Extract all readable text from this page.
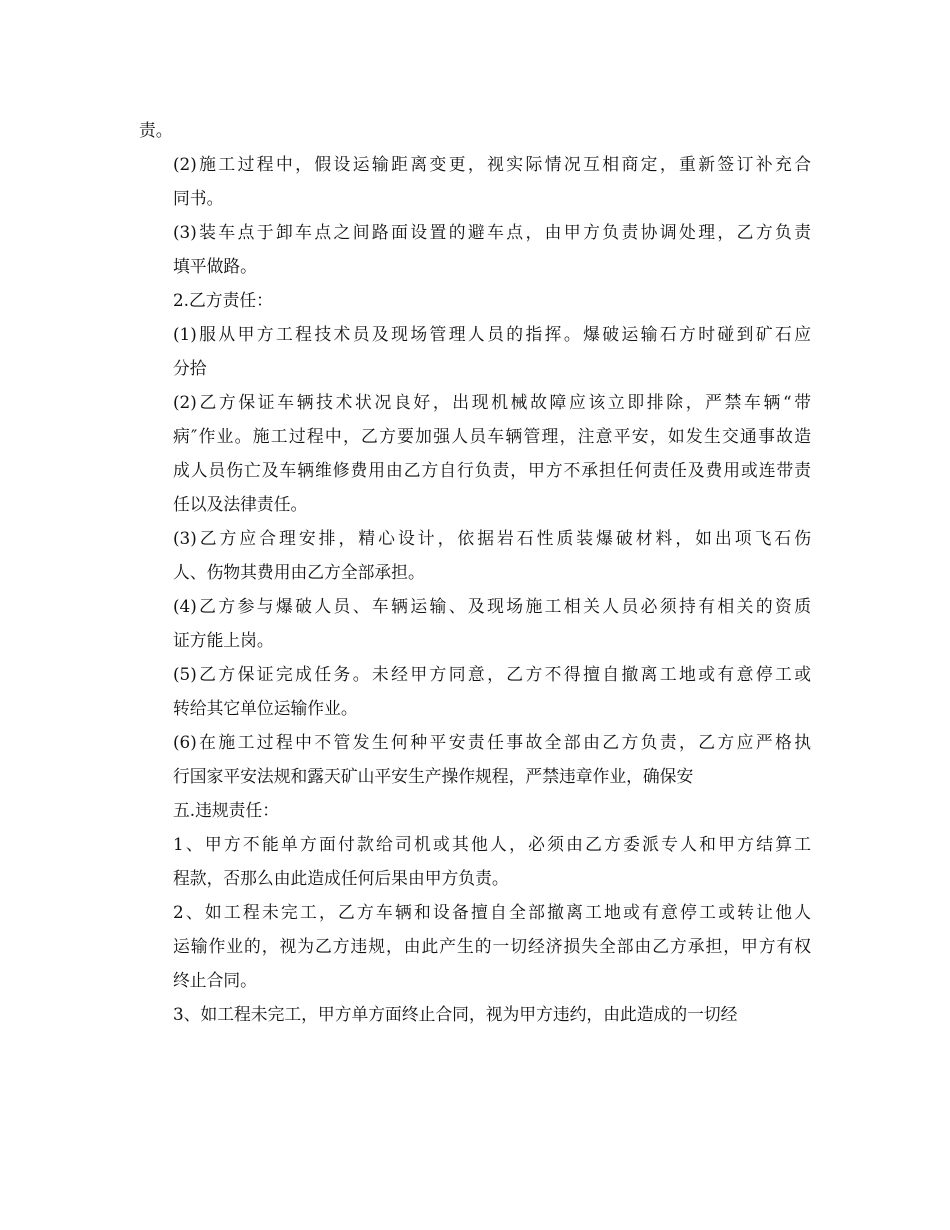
责。

(2)施工过程中，假设运输距离变更，视实际情况互相商定，重新签订补充合
同书。

(3)装车点于卸车点之间路面设置的避车点，由甲方负责协调处理，乙方负责
填平做路。

2.乙方责任：

(1)服从甲方工程技术员及现场管理人员的指挥。爆破运输石方时碰到矿石应
分拾

(2)乙方保证车辆技术状况良好，出现机械故障应该立即排除，严禁车辆“带
病″作业。施工过程中，乙方要加强人员车辆管理，注意平安，如发生交通事故造
成人员伤亡及车辆维修费用由乙方自行负责，甲方不承担任何责任及费用或连带责
任以及法律责任。

(3)乙方应合理安排，精心设计，依据岩石性质装爆破材料，如出项飞石伤
人、伤物其费用由乙方全部承担。

(4)乙方参与爆破人员、车辆运输、及现场施工相关人员必须持有相关的资质
证方能上岗。

(5)乙方保证完成任务。未经甲方同意，乙方不得擅自撤离工地或有意停工或
转给其它单位运输作业。

(6)在施工过程中不管发生何种平安责任事故全部由乙方负责，乙方应严格执
行国家平安法规和露天矿山平安生产操作规程，严禁违章作业，确保安

五.违规责任：

1、甲方不能单方面付款给司机或其他人，必须由乙方委派专人和甲方结算工
程款，否那么由此造成任何后果由甲方负责。

2、如工程未完工，乙方车辆和设备擅自全部撤离工地或有意停工或转让他人
运输作业的，视为乙方违规，由此产生的一切经济损失全部由乙方承担，甲方有权
终止合同。

3、如工程未完工，甲方单方面终止合同，视为甲方违约，由此造成的一切经
